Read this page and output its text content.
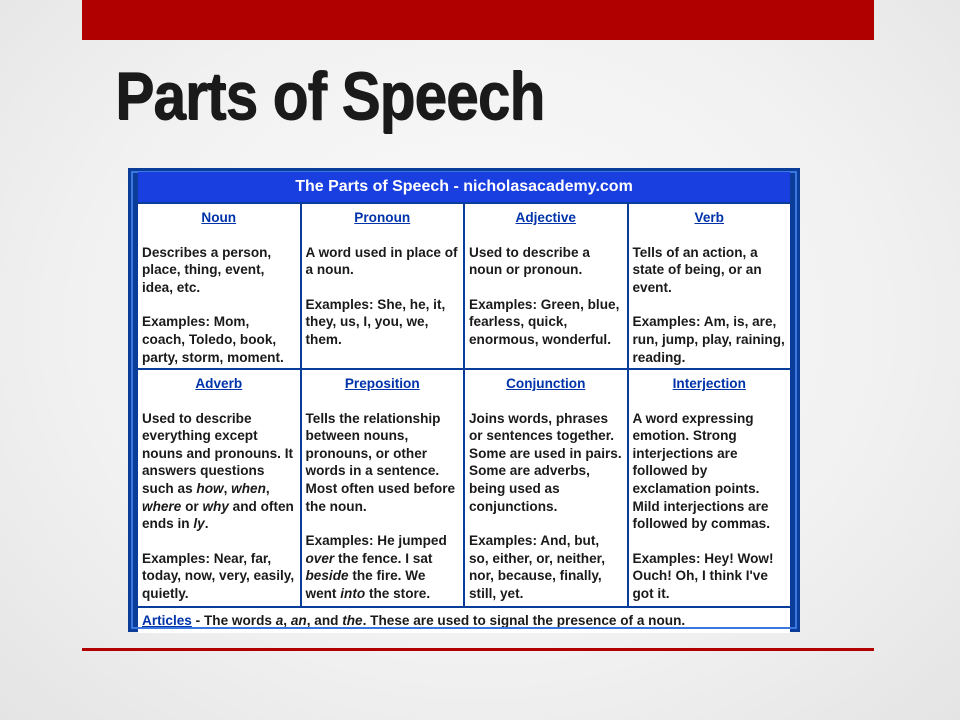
Parts of Speech
The Parts of Speech - nicholasacademy.com
Noun

Describes a person, place, thing, event, idea, etc.

Examples: Mom, coach, Toledo, book, party, storm, moment.

Pronoun

A word used in place of a noun.

Examples: She, he, it, they, us, I, you, we, them.

Adjective

Used to describe a noun or pronoun.

Examples: Green, blue, fearless, quick, enormous, wonderful.

Verb

Tells of an action, a state of being, or an event.

Examples: Am, is, are, run, jump, play, raining, reading.

Adverb

Used to describe everything except nouns and pronouns. It answers questions such as how, when, where or why and often ends in ly.

Examples: Near, far, today, now, very, easily, quietly.

Preposition

Tells the relationship between nouns, pronouns, or other words in a sentence. Most often used before the noun.

Examples: He jumped over the fence. I sat beside the fire. We went into the store.

Conjunction

Joins words, phrases or sentences together. Some are used in pairs. Some are adverbs, being used as conjunctions.

Examples: And, but, so, either, or, neither, nor, because, finally, still, yet.

Interjection

A word expressing emotion. Strong interjections are followed by exclamation points. Mild interjections are followed by commas.

Examples: Hey! Wow! Ouch! Oh, I think I've got it.

Articles - The words a, an, and the. These are used to signal the presence of a noun.
